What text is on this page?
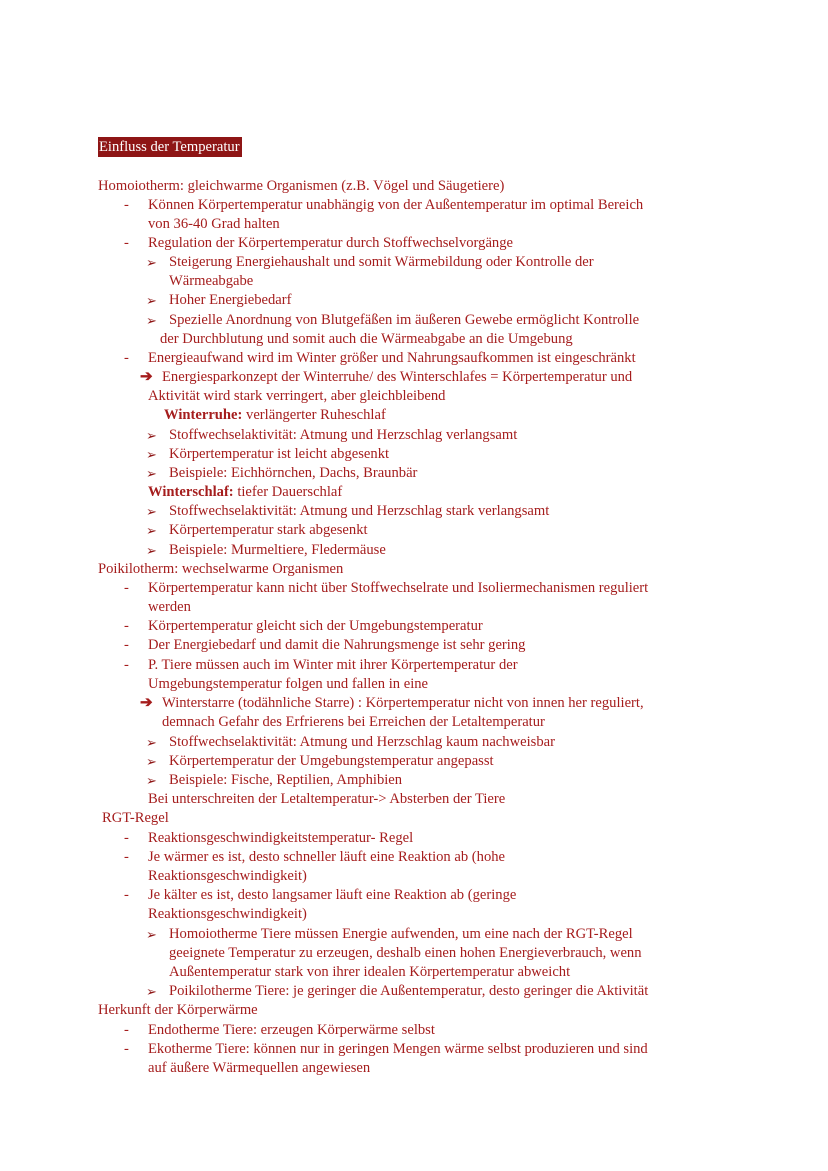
Einfluss der Temperatur
Homoiotherm: gleichwarme Organismen (z.B. Vögel und Säugetiere)
- Können Körpertemperatur unabhängig von der Außentemperatur im optimal Bereich
von 36-40 Grad halten
- Regulation der Körpertemperatur durch Stoffwechselvorgänge
➢ Steigerung Energiehaushalt und somit Wärmebildung oder Kontrolle der
Wärmeabgabe
➢ Hoher Energiebedarf
➢ Spezielle Anordnung von Blutgefäßen im äußeren Gewebe ermöglicht Kontrolle
der Durchblutung und somit auch die Wärmeabgabe an die Umgebung
- Energieaufwand wird im Winter größer und Nahrungsaufkommen ist eingeschränkt
➔ Energiesparkonzept der Winterruhe/ des Winterschlafes = Körpertemperatur und
Aktivität wird stark verringert, aber gleichbleibend
Winterruhe: verlängerter Ruheschlaf
➢ Stoffwechselaktivität: Atmung und Herzschlag verlangsamt
➢ Körpertemperatur ist leicht abgesenkt
➢ Beispiele: Eichhörnchen, Dachs, Braunbär
Winterschlaf: tiefer Dauerschlaf
➢ Stoffwechselaktivität: Atmung und Herzschlag stark verlangsamt
➢ Körpertemperatur stark abgesenkt
➢ Beispiele: Murmeltiere, Fledermäuse
Poikilotherm: wechselwarme Organismen
- Körpertemperatur kann nicht über Stoffwechselrate und Isoliermechanismen reguliert
werden
- Körpertemperatur gleicht sich der Umgebungstemperatur
- Der Energiebedarf und damit die Nahrungsmenge ist sehr gering
- P. Tiere müssen auch im Winter mit ihrer Körpertemperatur der
Umgebungstemperatur folgen und fallen in eine
➔ Winterstarre (todähnliche Starre) : Körpertemperatur nicht von innen her reguliert,
demnach Gefahr des Erfrierens bei Erreichen der Letaltemperatur
➢ Stoffwechselaktivität: Atmung und Herzschlag kaum nachweisbar
➢ Körpertemperatur der Umgebungstemperatur angepasst
➢ Beispiele: Fische, Reptilien, Amphibien
Bei unterschreiten der Letaltemperatur-> Absterben der Tiere
RGT-Regel
- Reaktionsgeschwindigkeitstemperatur- Regel
- Je wärmer es ist, desto schneller läuft eine Reaktion ab (hohe
Reaktionsgeschwindigkeit)
- Je kälter es ist, desto langsamer läuft eine Reaktion ab (geringe
Reaktionsgeschwindigkeit)
➢ Homoiotherme Tiere müssen Energie aufwenden, um eine nach der RGT-Regel
geeignete Temperatur zu erzeugen, deshalb einen hohen Energieverbrauch, wenn
Außentemperatur stark von ihrer idealen Körpertemperatur abweicht
➢ Poikilotherme Tiere: je geringer die Außentemperatur, desto geringer die Aktivität
Herkunft der Körperwärme
- Endotherme Tiere: erzeugen Körperwärme selbst
- Ekotherme Tiere: können nur in geringen Mengen wärme selbst produzieren und sind
auf äußere Wärmequellen angewiesen
